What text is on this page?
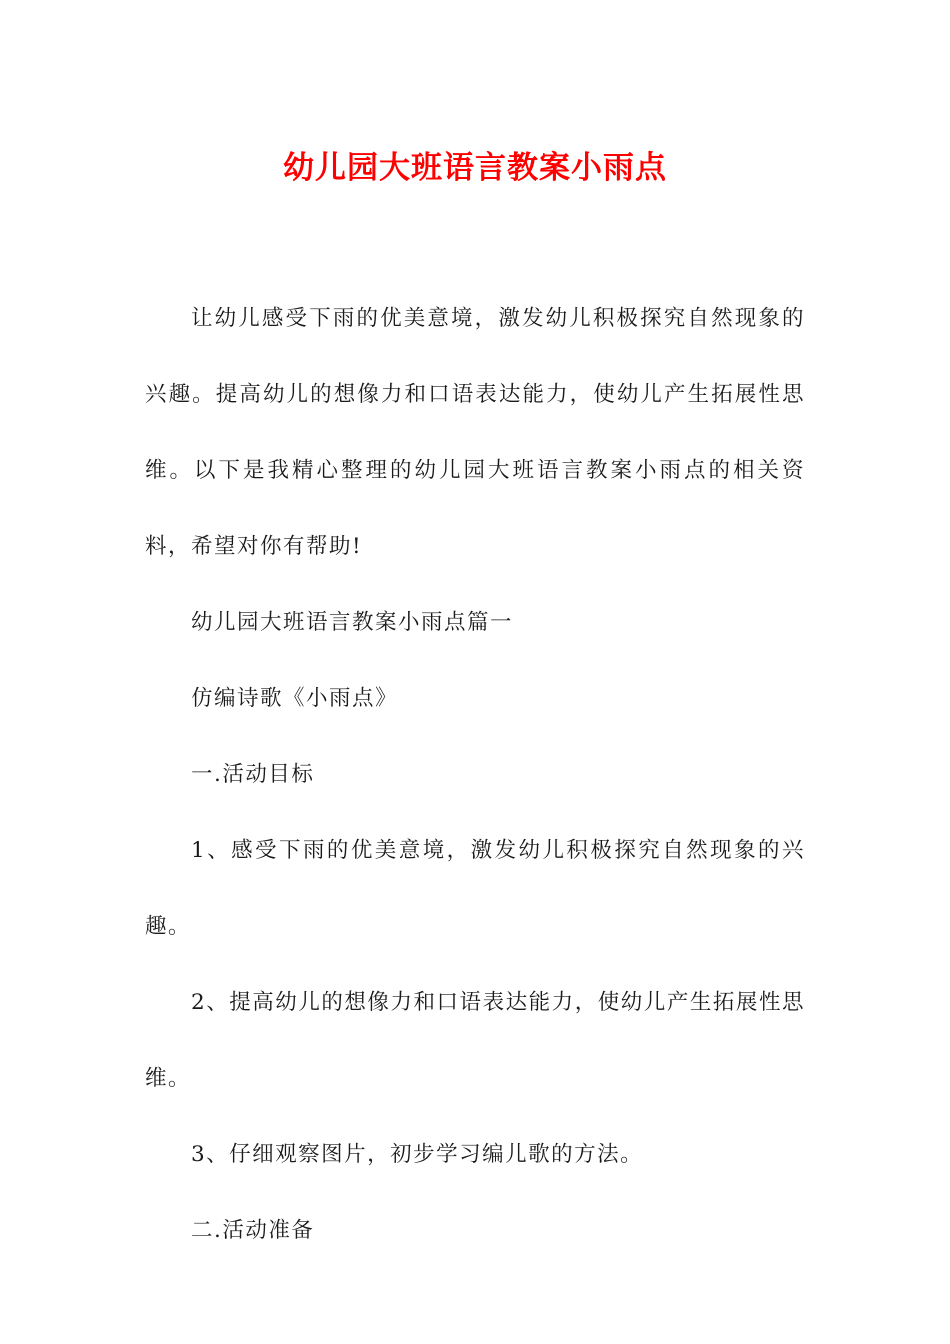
幼儿园大班语言教案小雨点

让幼儿感受下雨的优美意境，激发幼儿积极探究自然现象的兴趣。提高幼儿的想像力和口语表达能力，使幼儿产生拓展性思维。以下是我精心整理的幼儿园大班语言教案小雨点的相关资料，希望对你有帮助!

幼儿园大班语言教案小雨点篇一

仿编诗歌《小雨点》

一.活动目标

1、感受下雨的优美意境，激发幼儿积极探究自然现象的兴趣。

2、提高幼儿的想像力和口语表达能力，使幼儿产生拓展性思维。

3、仔细观察图片，初步学习编儿歌的方法。

二.活动准备
